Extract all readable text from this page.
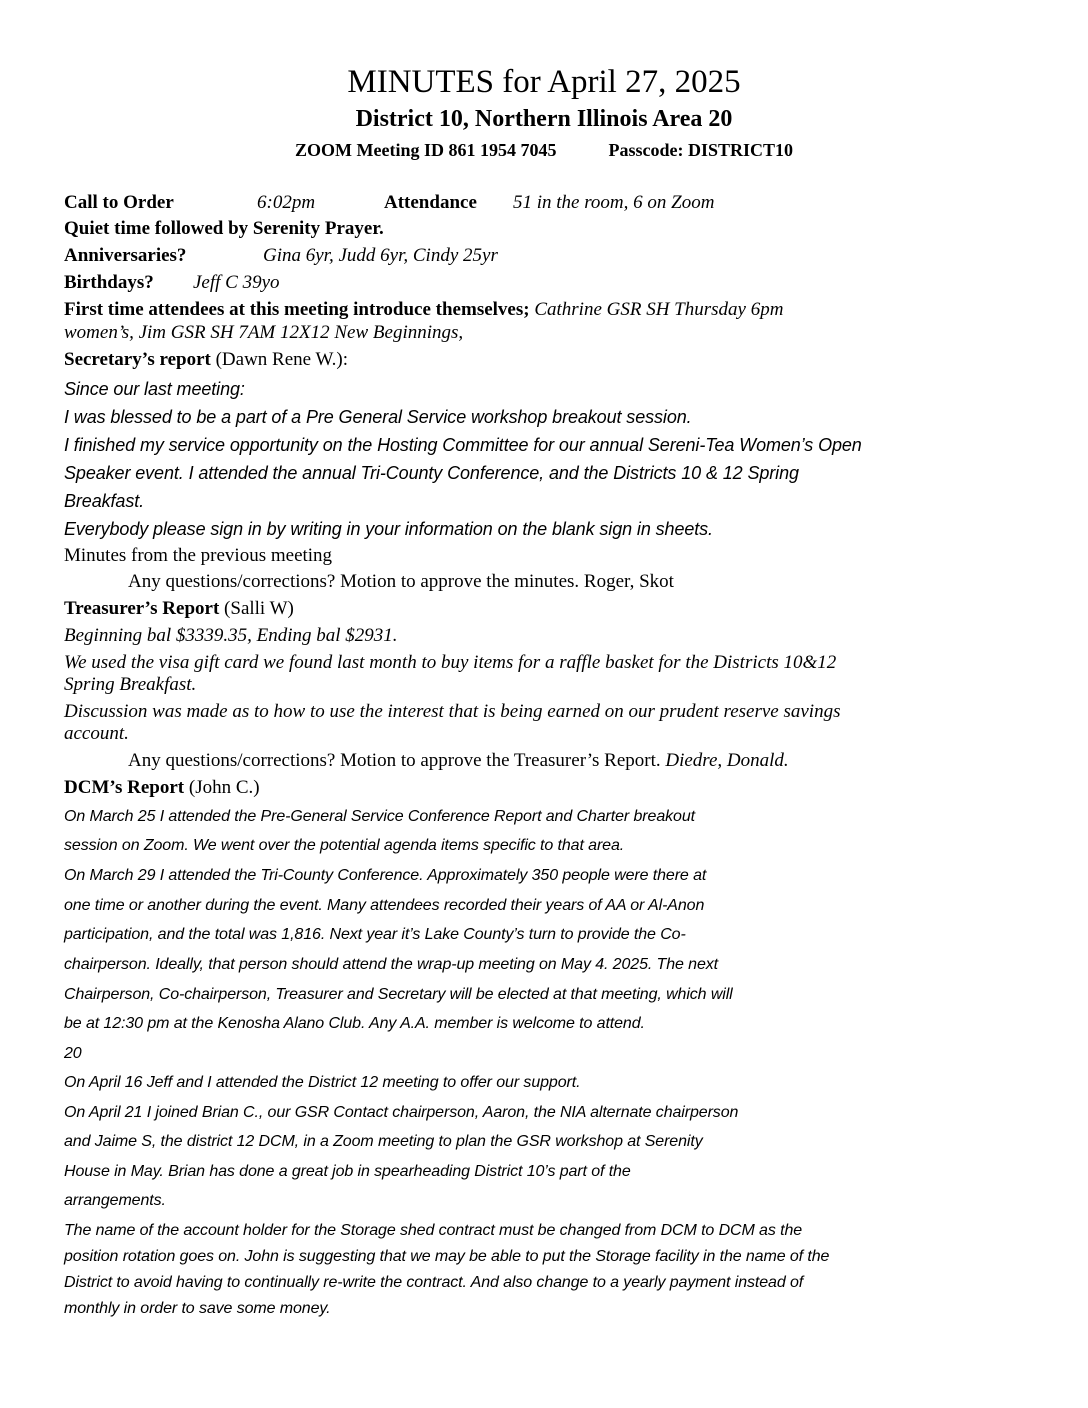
MINUTES for April 27, 2025
District 10, Northern Illinois Area 20
ZOOM Meeting ID 861 1954 7045	Passcode: DISTRICT10
Call to Order	6:02pm	Attendance 51 in the room, 6 on Zoom
Quiet time followed by Serenity Prayer.
Anniversaries?	Gina 6yr, Judd 6yr, Cindy 25yr
Birthdays? Jeff C 39yo
First time attendees at this meeting introduce themselves; Cathrine GSR SH Thursday 6pm
women’s, Jim GSR SH 7AM 12X12 New Beginnings,
Secretary’s report (Dawn Rene W.):
Since our last meeting:
I was blessed to be a part of a Pre General Service workshop breakout session.
I finished my service opportunity on the Hosting Committee for our annual Sereni-Tea Women’s Open
Speaker event. I attended the annual Tri-County Conference, and the Districts 10 & 12 Spring
Breakfast.
Everybody please sign in by writing in your information on the blank sign in sheets.
Minutes from the previous meeting
Any questions/corrections? Motion to approve the minutes. Roger, Skot
Treasurer’s Report (Salli W)
Beginning bal $3339.35, Ending bal $2931.
We used the visa gift card we found last month to buy items for a raffle basket for the Districts 10&12
Spring Breakfast.
Discussion was made as to how to use the interest that is being earned on our prudent reserve savings
account.
Any questions/corrections? Motion to approve the Treasurer’s Report. Diedre, Donald.
DCM’s Report (John C.)
On March 25 I attended the Pre-General Service Conference Report and Charter breakout
session on Zoom. We went over the potential agenda items specific to that area.
On March 29 I attended the Tri-County Conference. Approximately 350 people were there at
one time or another during the event. Many attendees recorded their years of AA or Al-Anon
participation, and the total was 1,816. Next year it’s Lake County’s turn to provide the Co-
chairperson. Ideally, that person should attend the wrap-up meeting on May 4. 2025. The next
Chairperson, Co-chairperson, Treasurer and Secretary will be elected at that meeting, which will
be at 12:30 pm at the Kenosha Alano Club. Any A.A. member is welcome to attend.
20
On April 16 Jeff and I attended the District 12 meeting to offer our support.
On April 21 I joined Brian C., our GSR Contact chairperson, Aaron, the NIA alternate chairperson
and Jaime S, the district 12 DCM, in a Zoom meeting to plan the GSR workshop at Serenity
House in May. Brian has done a great job in spearheading District 10’s part of the
arrangements.
The name of the account holder for the Storage shed contract must be changed from DCM to DCM as the
position rotation goes on. John is suggesting that we may be able to put the Storage facility in the name of the
District to avoid having to continually re-write the contract. And also change to a yearly payment instead of
monthly in order to save some money.
